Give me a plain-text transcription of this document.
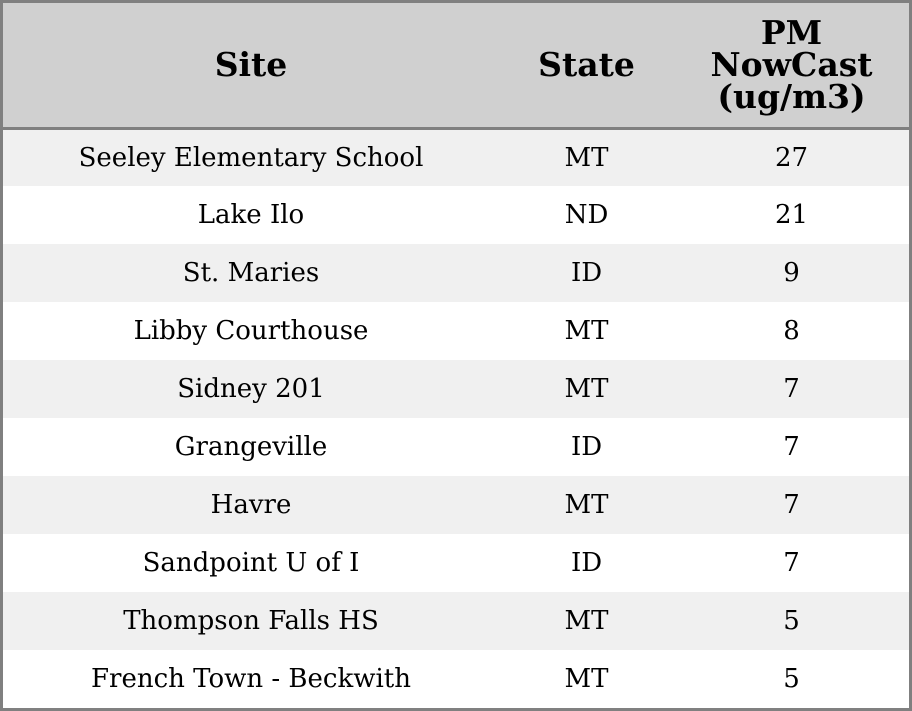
Site	State	PM
NowCast
(ug/m3)
Seeley Elementary School	MT	27
Lake Ilo	ND	21
St. Maries	ID	9
Libby Courthouse	MT	8
Sidney 201	MT	7
Grangeville	ID	7
Havre	MT	7
Sandpoint U of I	ID	7
Thompson Falls HS	MT	5
French Town - Beckwith	MT	5
